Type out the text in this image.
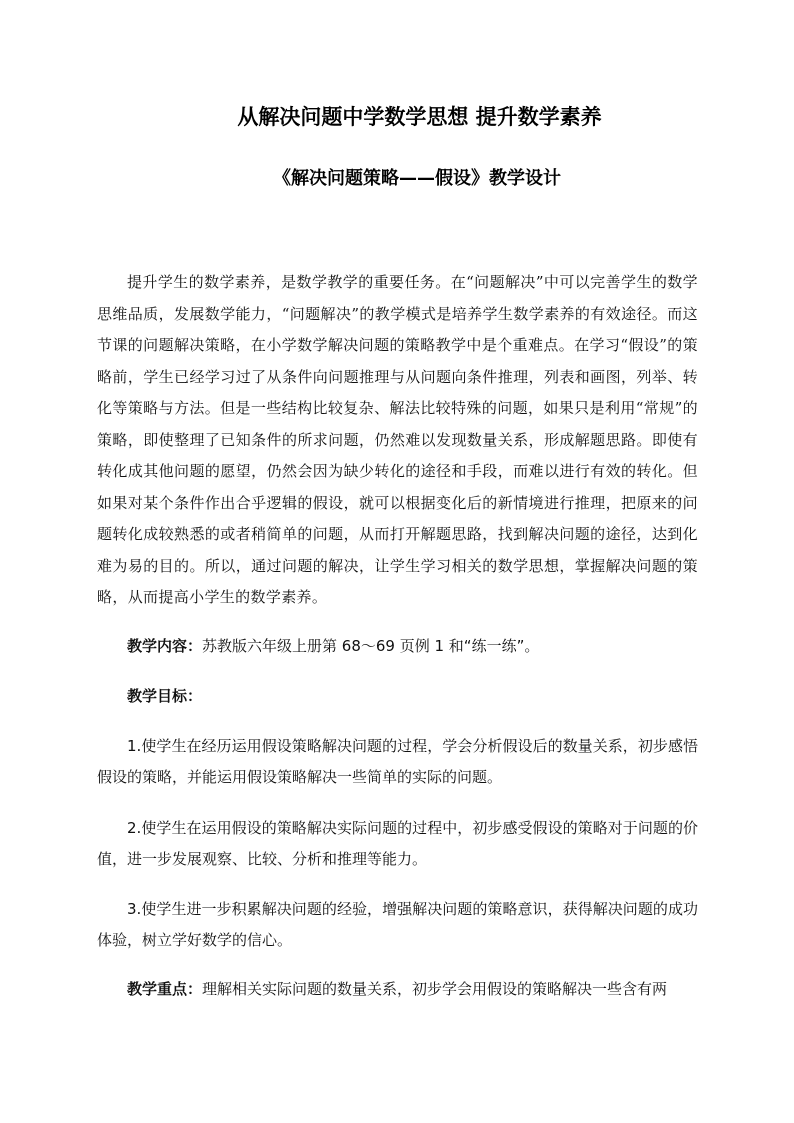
从解决问题中学数学思想 提升数学素养
《解决问题策略——假设》教学设计

提升学生的数学素养，是数学教学的重要任务。在“问题解决”中可以完善学生的数学思维品质，发展数学能力，“问题解决”的教学模式是培养学生数学素养的有效途径。而这节课的问题解决策略，在小学数学解决问题的策略教学中是个重难点。在学习“假设”的策略前，学生已经学习过了从条件向问题推理与从问题向条件推理，列表和画图，列举、转化等策略与方法。但是一些结构比较复杂、解法比较特殊的问题，如果只是利用“常规”的策略，即使整理了已知条件的所求问题，仍然难以发现数量关系，形成解题思路。即使有转化成其他问题的愿望，仍然会因为缺少转化的途径和手段，而难以进行有效的转化。但如果对某个条件作出合乎逻辑的假设，就可以根据变化后的新情境进行推理，把原来的问题转化成较熟悉的或者稍简单的问题，从而打开解题思路，找到解决问题的途径，达到化难为易的目的。所以，通过问题的解决，让学生学习相关的数学思想，掌握解决问题的策略，从而提高小学生的数学素养。

教学内容：苏教版六年级上册第 68～69 页例 1 和“练一练”。

教学目标：

1.使学生在经历运用假设策略解决问题的过程，学会分析假设后的数量关系，初步感悟假设的策略，并能运用假设策略解决一些简单的实际的问题。

2.使学生在运用假设的策略解决实际问题的过程中，初步感受假设的策略对于问题的价值，进一步发展观察、比较、分析和推理等能力。

3.使学生进一步积累解决问题的经验，增强解决问题的策略意识，获得解决问题的成功体验，树立学好数学的信心。

教学重点：理解相关实际问题的数量关系，初步学会用假设的策略解决一些含有两
